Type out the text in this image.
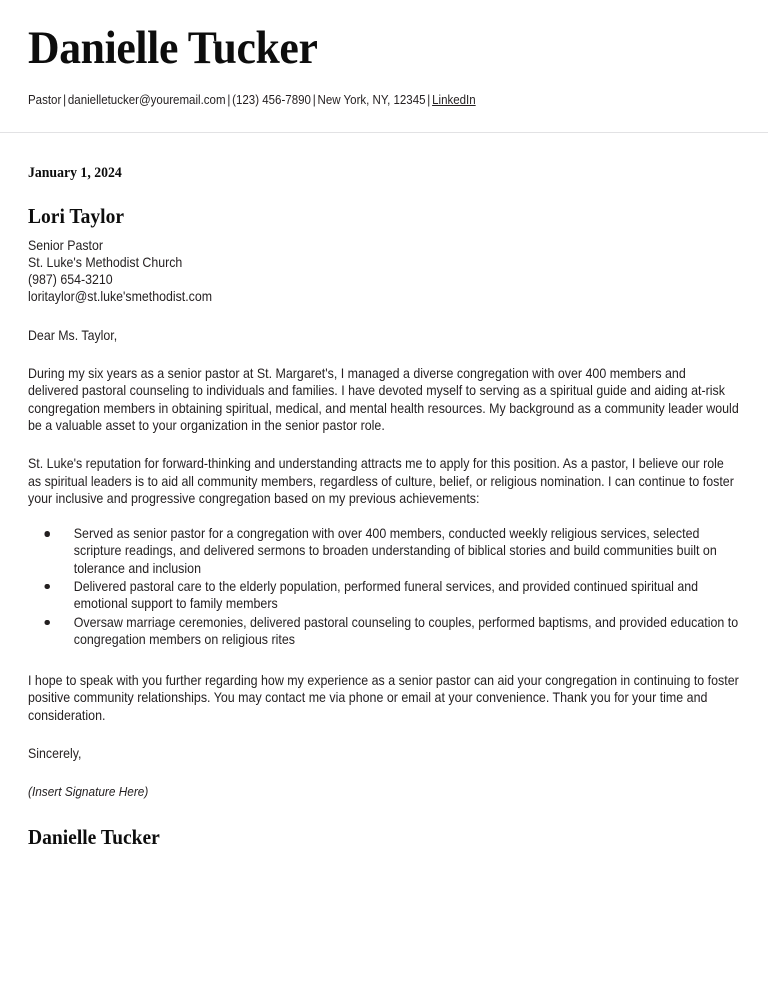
Danielle Tucker
Pastor | danielletucker@youremail.com | (123) 456-7890 | New York, NY, 12345 | LinkedIn
January 1, 2024
Lori Taylor
Senior Pastor
St. Luke's Methodist Church
(987) 654-3210
loritaylor@st.luke'smethodist.com
Dear Ms. Taylor,

During my six years as a senior pastor at St. Margaret's, I managed a diverse congregation with over 400 members and delivered pastoral counseling to individuals and families. I have devoted myself to serving as a spiritual guide and aiding at-risk congregation members in obtaining spiritual, medical, and mental health resources. My background as a community leader would be a valuable asset to your organization in the senior pastor role.

St. Luke's reputation for forward-thinking and understanding attracts me to apply for this position. As a pastor, I believe our role as spiritual leaders is to aid all community members, regardless of culture, belief, or religious nomination. I can continue to foster your inclusive and progressive congregation based on my previous achievements:

Served as senior pastor for a congregation with over 400 members, conducted weekly religious services, selected scripture readings, and delivered sermons to broaden understanding of biblical stories and build communities built on tolerance and inclusion
Delivered pastoral care to the elderly population, performed funeral services, and provided continued spiritual and emotional support to family members
Oversaw marriage ceremonies, delivered pastoral counseling to couples, performed baptisms, and provided education to congregation members on religious rites

I hope to speak with you further regarding how my experience as a senior pastor can aid your congregation in continuing to foster positive community relationships. You may contact me via phone or email at your convenience. Thank you for your time and consideration.

Sincerely,
(Insert Signature Here)
Danielle Tucker
